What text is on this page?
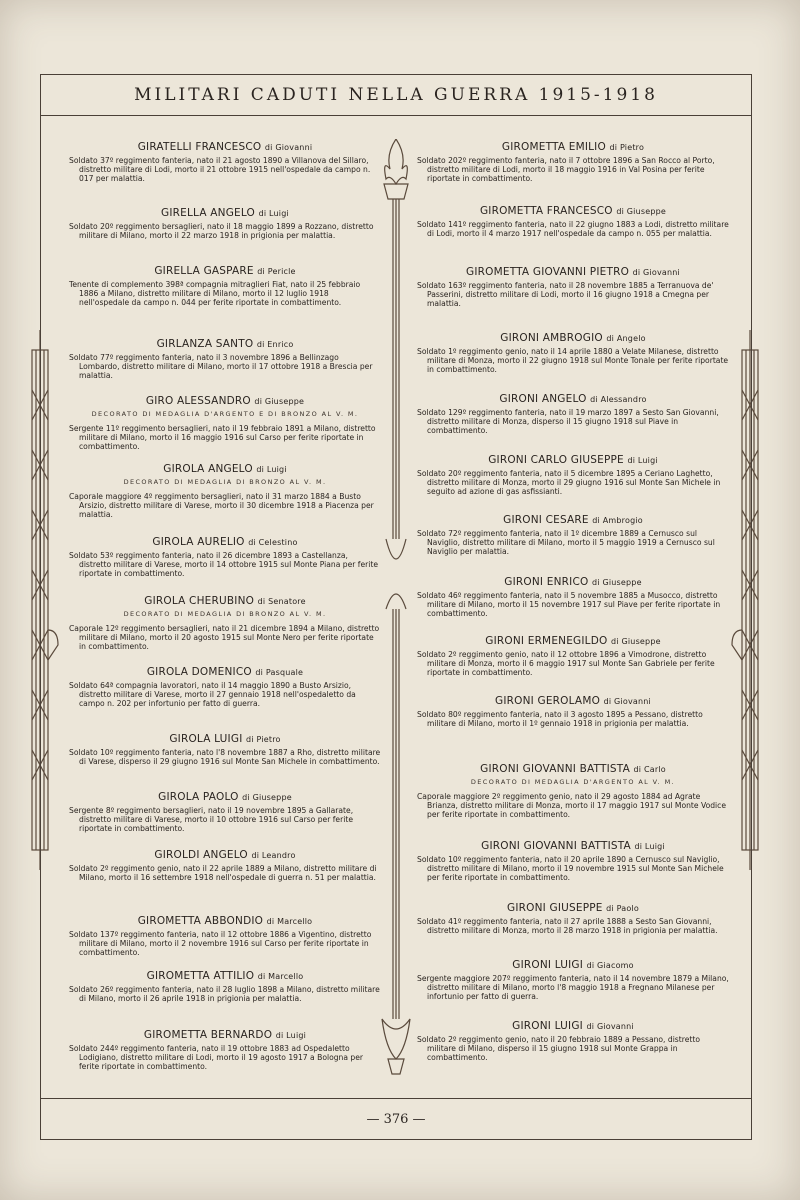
MILITARI CADUTI NELLA GUERRA 1915-1918

GIRATELLI FRANCESCO di Giovanni

Soldato 37º reggimento fanteria, nato il 21 agosto 1890 a Villanova del Sillaro, distretto militare di Lodi, morto il 21 ottobre 1915 nell'ospedale da campo n. 017 per malattia.

GIRELLA ANGELO di Luigi

Soldato 20º reggimento bersaglieri, nato il 18 maggio 1899 a Rozzano, distretto militare di Milano, morto il 22 marzo 1918 in prigionia per malattia.

GIRELLA GASPARE di Pericle

Tenente di complemento 398ª compagnia mitraglieri Fiat, nato il 25 febbraio 1886 a Milano, distretto militare di Milano, morto il 12 luglio 1918 nell'ospedale da campo n. 044 per ferite riportate in combattimento.

GIRLANZA SANTO di Enrico

Soldato 77º reggimento fanteria, nato il 3 novembre 1896 a Bellinzago Lombardo, distretto militare di Milano, morto il 17 ottobre 1918 a Brescia per malattia.

GIRO ALESSANDRO di Giuseppe

DECORATO DI MEDAGLIA D'ARGENTO E DI BRONZO AL V. M.

Sergente 11º reggimento bersaglieri, nato il 19 febbraio 1891 a Milano, distretto militare di Milano, morto il 16 maggio 1916 sul Carso per ferite riportate in combattimento.

GIROLA ANGELO di Luigi

DECORATO DI MEDAGLIA DI BRONZO AL V. M.

Caporale maggiore 4º reggimento bersaglieri, nato il 31 marzo 1884 a Busto Arsizio, distretto militare di Varese, morto il 30 dicembre 1918 a Piacenza per malattia.

GIROLA AURELIO di Celestino

Soldato 53º reggimento fanteria, nato il 26 dicembre 1893 a Castellanza, distretto militare di Varese, morto il 14 ottobre 1915 sul Monte Piana per ferite riportate in combattimento.

GIROLA CHERUBINO di Senatore

DECORATO DI MEDAGLIA DI BRONZO AL V. M.

Caporale 12º reggimento bersaglieri, nato il 21 dicembre 1894 a Milano, distretto militare di Milano, morto il 20 agosto 1915 sul Monte Nero per ferite riportate in combattimento.

GIROLA DOMENICO di Pasquale

Soldato 64ª compagnia lavoratori, nato il 14 maggio 1890 a Busto Arsizio, distretto militare di Varese, morto il 27 gennaio 1918 nell'ospedaletto da campo n. 202 per infortunio per fatto di guerra.

GIROLA LUIGI di Pietro

Soldato 10º reggimento fanteria, nato l'8 novembre 1887 a Rho, distretto militare di Varese, disperso il 29 giugno 1916 sul Monte San Michele in combattimento.

GIROLA PAOLO di Giuseppe

Sergente 8º reggimento bersaglieri, nato il 19 novembre 1895 a Gallarate, distretto militare di Varese, morto il 10 ottobre 1916 sul Carso per ferite riportate in combattimento.

GIROLDI ANGELO di Leandro

Soldato 2º reggimento genio, nato il 22 aprile 1889 a Milano, distretto militare di Milano, morto il 16 settembre 1918 nell'ospedale di guerra n. 51 per malattia.

GIROMETTA ABBONDIO di Marcello

Soldato 137º reggimento fanteria, nato il 12 ottobre 1886 a Vigentino, distretto militare di Milano, morto il 2 novembre 1916 sul Carso per ferite riportate in combattimento.

GIROMETTA ATTILIO di Marcello

Soldato 26º reggimento fanteria, nato il 28 luglio 1898 a Milano, distretto militare di Milano, morto il 26 aprile 1918 in prigionia per malattia.

GIROMETTA BERNARDO di Luigi

Soldato 244º reggimento fanteria, nato il 19 ottobre 1883 ad Ospedaletto Lodigiano, distretto militare di Lodi, morto il 19 agosto 1917 a Bologna per ferite riportate in combattimento.

GIROMETTA EMILIO di Pietro

Soldato 202º reggimento fanteria, nato il 7 ottobre 1896 a San Rocco al Porto, distretto militare di Lodi, morto il 18 maggio 1916 in Val Posina per ferite riportate in combattimento.

GIROMETTA FRANCESCO di Giuseppe

Soldato 141º reggimento fanteria, nato il 22 giugno 1883 a Lodi, distretto militare di Lodi, morto il 4 marzo 1917 nell'ospedale da campo n. 055 per malattia.

GIROMETTA GIOVANNI PIETRO di Giovanni

Soldato 163º reggimento fanteria, nato il 28 novembre 1885 a Terranuova de' Passerini, distretto militare di Lodi, morto il 16 giugno 1918 a Cmegna per malattia.

GIRONI AMBROGIO di Angelo

Soldato 1º reggimento genio, nato il 14 aprile 1880 a Velate Milanese, distretto militare di Monza, morto il 22 giugno 1918 sul Monte Tonale per ferite riportate in combattimento.

GIRONI ANGELO di Alessandro

Soldato 129º reggimento fanteria, nato il 19 marzo 1897 a Sesto San Giovanni, distretto militare di Monza, disperso il 15 giugno 1918 sul Piave in combattimento.

GIRONI CARLO GIUSEPPE di Luigi

Soldato 20º reggimento fanteria, nato il 5 dicembre 1895 a Ceriano Laghetto, distretto militare di Monza, morto il 29 giugno 1916 sul Monte San Michele in seguito ad azione di gas asfissianti.

GIRONI CESARE di Ambrogio

Soldato 72º reggimento fanteria, nato il 1º dicembre 1889 a Cernusco sul Naviglio, distretto militare di Milano, morto il 5 maggio 1919 a Cernusco sul Naviglio per malattia.

GIRONI ENRICO di Giuseppe

Soldato 46º reggimento fanteria, nato il 5 novembre 1885 a Musocco, distretto militare di Milano, morto il 15 novembre 1917 sul Piave per ferite riportate in combattimento.

GIRONI ERMENEGILDO di Giuseppe

Soldato 2º reggimento genio, nato il 12 ottobre 1896 a Vimodrone, distretto militare di Monza, morto il 6 maggio 1917 sul Monte San Gabriele per ferite riportate in combattimento.

GIRONI GEROLAMO di Giovanni

Soldato 80º reggimento fanteria, nato il 3 agosto 1895 a Pessano, distretto militare di Milano, morto il 1º gennaio 1918 in prigionia per malattia.

GIRONI GIOVANNI BATTISTA di Carlo

DECORATO DI MEDAGLIA D'ARGENTO AL V. M.

Caporale maggiore 2º reggimento genio, nato il 29 agosto 1884 ad Agrate Brianza, distretto militare di Monza, morto il 17 maggio 1917 sul Monte Vodice per ferite riportate in combattimento.

GIRONI GIOVANNI BATTISTA di Luigi

Soldato 10º reggimento fanteria, nato il 20 aprile 1890 a Cernusco sul Naviglio, distretto militare di Milano, morto il 19 novembre 1915 sul Monte San Michele per ferite riportate in combattimento.

GIRONI GIUSEPPE di Paolo

Soldato 41º reggimento fanteria, nato il 27 aprile 1888 a Sesto San Giovanni, distretto militare di Monza, morto il 28 marzo 1918 in prigionia per malattia.

GIRONI LUIGI di Giacomo

Sergente maggiore 207º reggimento fanteria, nato il 14 novembre 1879 a Milano, distretto militare di Milano, morto l'8 maggio 1918 a Fregnano Milanese per infortunio per fatto di guerra.

GIRONI LUIGI di Giovanni

Soldato 2º reggimento genio, nato il 20 febbraio 1889 a Pessano, distretto militare di Milano, disperso il 15 giugno 1918 sul Monte Grappa in combattimento.

— 376 —
